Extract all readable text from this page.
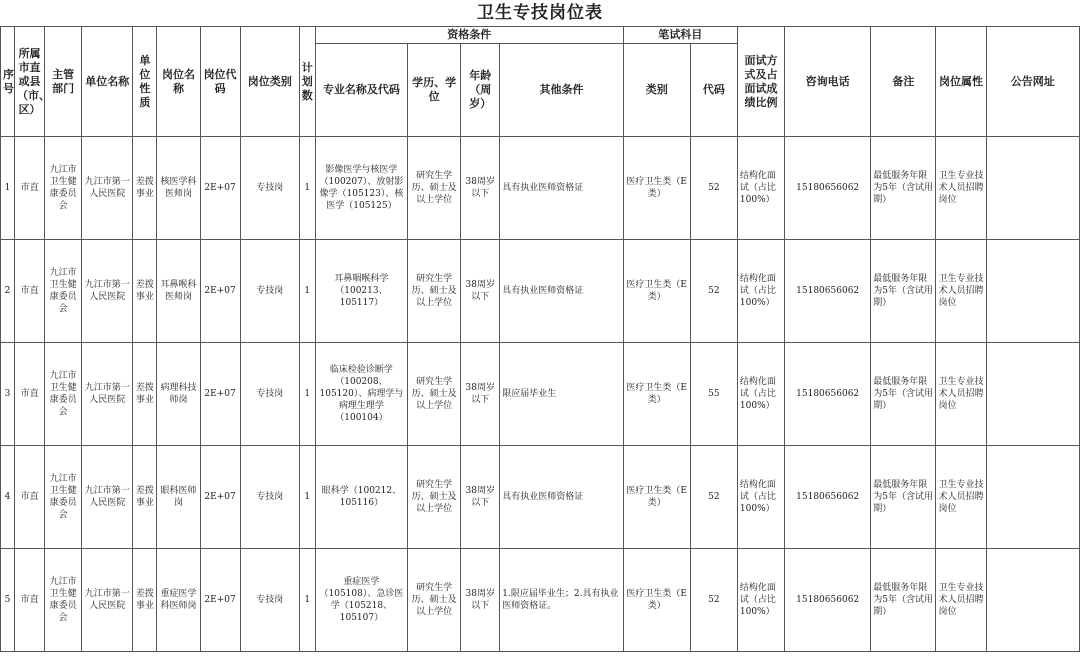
卫生专技岗位表
序号	所属市直或县（市、区）	主管部门	单位名称	单位性质	岗位名称	岗位代码	岗位类别	计划数	资格条件				笔试科目		面试方式及占面试成绩比例	咨询电话	备注	岗位属性	公告网址
									专业名称及代码	学历、学位	年龄（周岁）	其他条件	类别	代码					
1	市直	九江市卫生健康委员会	九江市第一人民医院	差拨事业	核医学科医师岗	2E+07	专技岗	1	影像医学与核医学（100207）、放射影像学（105123）、核医学（105125）	研究生学历、硕士及以上学位	38周岁以下	具有执业医师资格证	医疗卫生类（E类）	52	结构化面试（占比100%）	15180656062	最低服务年限为5年（含试用期）	卫生专业技术人员招聘岗位	
2	市直	九江市卫生健康委员会	九江市第一人民医院	差拨事业	耳鼻喉科医师岗	2E+07	专技岗	1	耳鼻咽喉科学（100213、105117）	研究生学历、硕士及以上学位	38周岁以下	具有执业医师资格证	医疗卫生类（E类）	52	结构化面试（占比100%）	15180656062	最低服务年限为5年（含试用期）	卫生专业技术人员招聘岗位	
3	市直	九江市卫生健康委员会	九江市第一人民医院	差拨事业	病理科技师岗	2E+07	专技岗	1	临床检验诊断学（100208、105120）、病理学与病理生理学（100104）	研究生学历、硕士及以上学位	38周岁以下	限应届毕业生	医疗卫生类（E类）	55	结构化面试（占比100%）	15180656062	最低服务年限为5年（含试用期）	卫生专业技术人员招聘岗位	
4	市直	九江市卫生健康委员会	九江市第一人民医院	差拨事业	眼科医师岗	2E+07	专技岗	1	眼科学（100212、105116）	研究生学历、硕士及以上学位	38周岁以下	具有执业医师资格证	医疗卫生类（E类）	52	结构化面试（占比100%）	15180656062	最低服务年限为5年（含试用期）	卫生专业技术人员招聘岗位	
5	市直	九江市卫生健康委员会	九江市第一人民医院	差拨事业	重症医学科医师岗	2E+07	专技岗	1	重症医学（105108）、急诊医学（105218、105107）	研究生学历、硕士及以上学位	38周岁以下	1.限应届毕业生；2.具有执业医师资格证。	医疗卫生类（E类）	52	结构化面试（占比100%）	15180656062	最低服务年限为5年（含试用期）	卫生专业技术人员招聘岗位	
